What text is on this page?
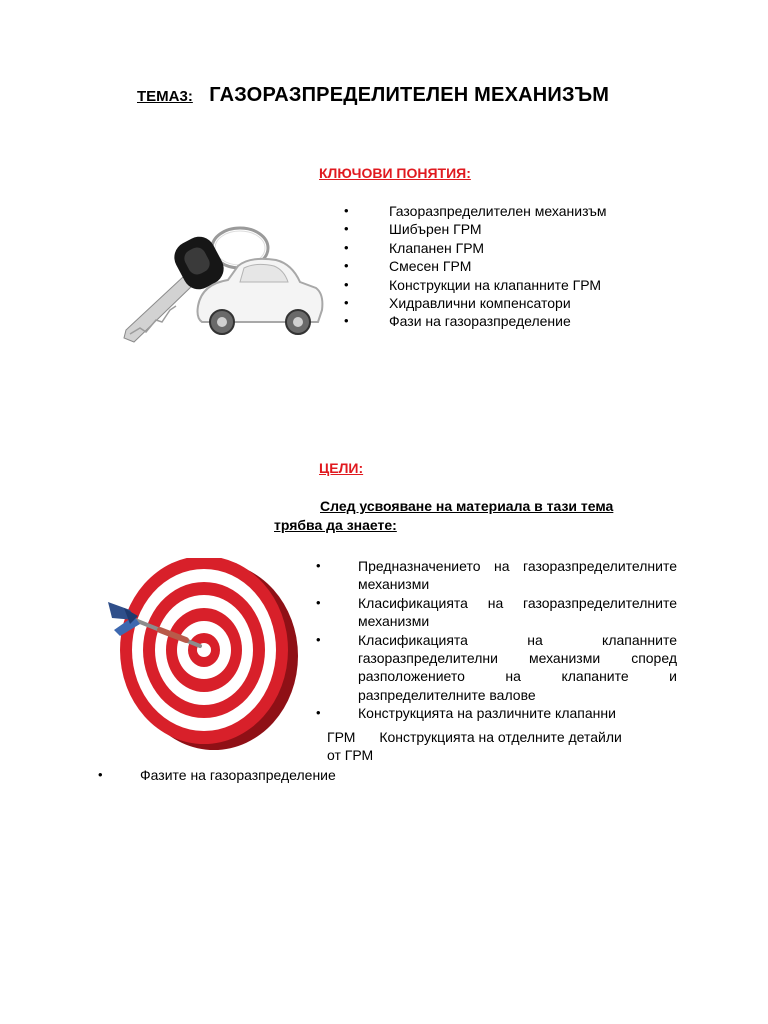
ТЕМА3: ГАЗОРАЗПРЕДЕЛИТЕЛЕН МЕХАНИЗЪМ
КЛЮЧОВИ ПОНЯТИЯ:
•	Газоразпределителен механизъм
•	Шибърен ГРМ
•	Клапанен ГРМ
•	Смесен ГРМ
•	Конструкции на клапанните ГРМ
•	Хидравлични компенсатори
•	Фази на газоразпределение
ЦЕЛИ:
След усвояване на материала в тази тема трябва да знаете:
•	Предназначението на газоразпределителните механизми
•	Класификацията на газоразпределителните механизми
•	Класификацията на клапанните газоразпределителни механизми според разположението на клапаните и разпределителните валове
•	Конструкцията на различните клапанни
ГРМ Конструкцията на отделните детайли от ГРМ
•	Фазите на газоразпределение
